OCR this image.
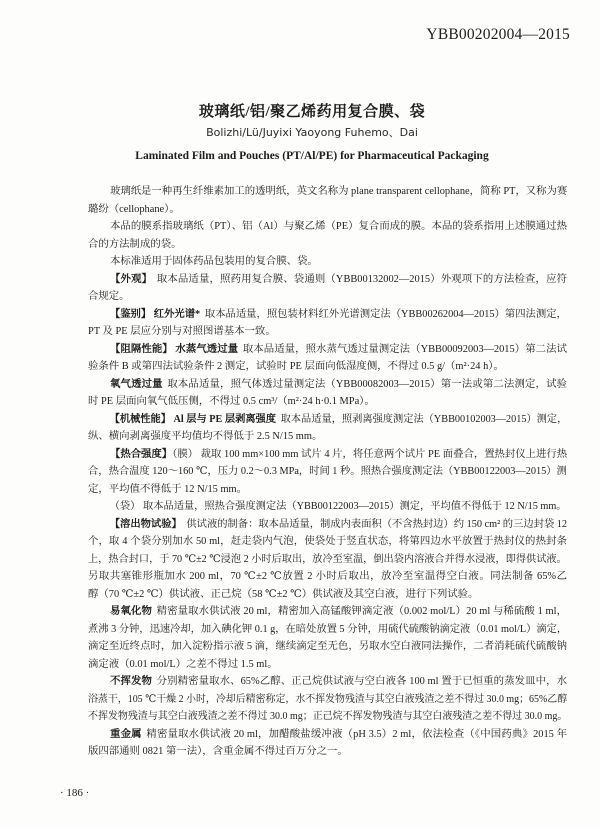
YBB00202004—2015
玻璃纸/铝/聚乙烯药用复合膜、袋
Bolizhi/Lü/Juyixi Yaoyong Fuhemo、Dai
Laminated Film and Pouches (PT/Al/PE) for Pharmaceutical Packaging
玻璃纸是一种再生纤维素加工的透明纸，英文名称为 plane transparent cellophane，简称 PT，又称为赛
璐纷（cellophane）。
本品的膜系指玻璃纸（PT）、铝（Al）与聚乙烯（PE）复合而成的膜。本品的袋系指用上述膜通过热
合的方法制成的袋。
本标准适用于固体药品包装用的复合膜、袋。
【外观】 取本品适量，照药用复合膜、袋通则（YBB00132002—2015）外观项下的方法检查，应符
合规定。
【鉴别】 红外光谱* 取本品适量，照包装材料红外光谱测定法（YBB00262004—2015）第四法测定，
PT 及 PE 层应分别与对照图谱基本一致。
【阻隔性能】 水蒸气透过量 取本品适量，照水蒸气透过量测定法（YBB00092003—2015）第二法试
验条件 B 或第四法试验条件 2 测定，试验时 PE 层面向低湿度侧，不得过 0.5 g/（m²·24 h）。
氧气透过量 取本品适量，照气体透过量测定法（YBB00082003—2015）第一法或第二法测定，试验
时 PE 层面向氧气低压侧，不得过 0.5 cm³/（m²·24 h·0.1 MPa）。
【机械性能】 Al 层与 PE 层剥离强度 取本品适量，照剥离强度测定法（YBB00102003—2015）测定，
纵、横向剥离强度平均值均不得低于 2.5 N/15 mm。
【热合强度】（膜） 裁取 100 mm×100 mm 试片 4 片，将任意两个试片 PE 面叠合，置热封仪上进行热
合，热合温度 120～160 ℃，压力 0.2～0.3 MPa，时间 1 秒。照热合强度测定法（YBB00122003—2015）测
定，平均值不得低于 12 N/15 mm。
（袋） 取本品适量，照热合强度测定法（YBB00122003—2015）测定，平均值不得低于 12 N/15 mm。
【溶出物试验】 供试液的制备：取本品适量，制成内表面积（不含热封边）约 150 cm² 的三边封袋 12
个，取 4 个袋分别加水 50 ml，赶走袋内气泡，使袋处于竖直状态，将第四边水平放置于热封仪的热封条
上，热合封口，于 70 ℃±2 ℃浸泡 2 小时后取出，放冷至室温，倒出袋内溶液合并得水浸液，即得供试液。
另取共塞锥形瓶加水 200 ml，70 ℃±2 ℃放置 2 小时后取出，放冷至室温得空白液。同法制备 65%乙
醇（70 ℃±2 ℃）供试液、正己烷（58 ℃±2 ℃）供试液及其空白液，进行下列试验。
易氧化物 精密量取水供试液 20 ml，精密加入高锰酸钾滴定液（0.002 mol/L）20 ml 与稀硫酸 1 ml，
煮沸 3 分钟，迅速冷却，加入碘化钾 0.1 g，在暗处放置 5 分钟，用硫代硫酸钠滴定液（0.01 mol/L）滴定，
滴定至近终点时，加入淀粉指示液 5 滴，继续滴定至无色，另取水空白液同法操作，二者消耗硫代硫酸钠
滴定液（0.01 mol/L）之差不得过 1.5 ml。
不挥发物 分别精密量取水、65%乙醇、正己烷供试液与空白液各 100 ml 置于已恒重的蒸发皿中，水
浴蒸干，105 ℃干燥 2 小时，冷却后精密称定，水不挥发物残渣与其空白液残渣之差不得过 30.0 mg；65%乙醇
不挥发物残渣与其空白液残渣之差不得过 30.0 mg；正己烷不挥发物残渣与其空白液残渣之差不得过 30.0 mg。
重金属 精密量取水供试液 20 ml，加醋酸盐缓冲液（pH 3.5）2 ml，依法检查（《中国药典》2015 年
版四部通则 0821 第一法），含重金属不得过百万分之一。
· 186 ·
